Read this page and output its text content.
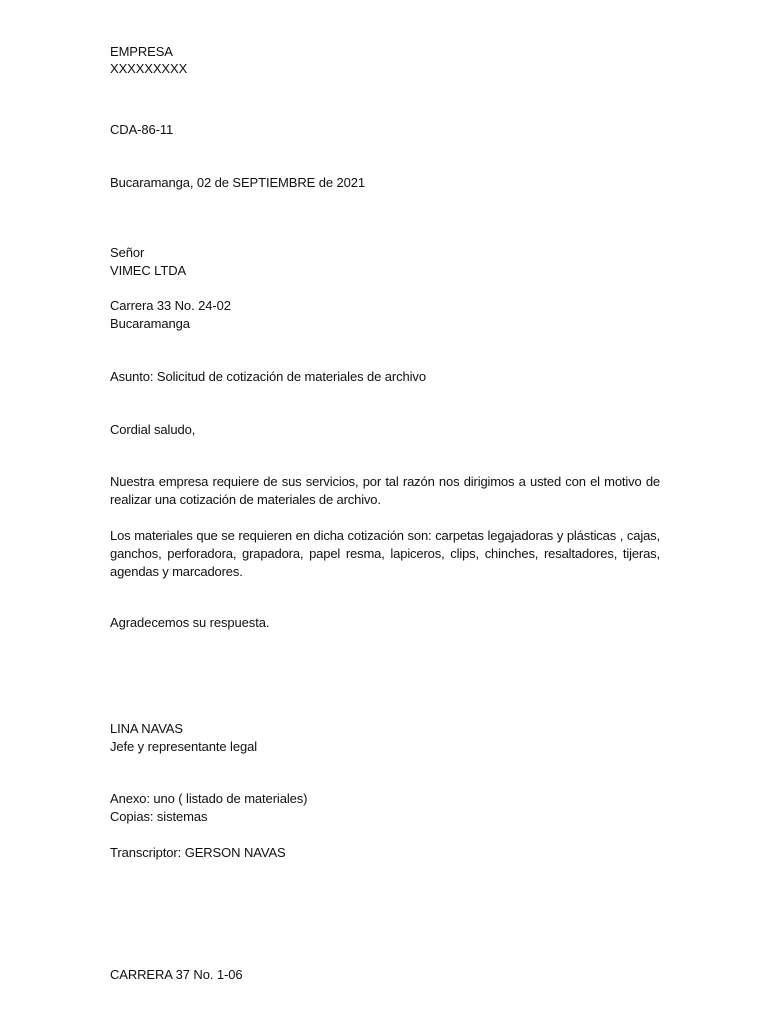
EMPRESA
XXXXXXXXX
CDA-86-11
Bucaramanga, 02 de SEPTIEMBRE de 2021
Señor
VIMEC LTDA
Carrera 33 No. 24-02
Bucaramanga
Asunto: Solicitud de cotización de materiales de archivo
Cordial saludo,
Nuestra empresa requiere de sus servicios, por tal razón nos dirigimos a usted con el motivo de realizar una cotización de materiales de archivo.
Los materiales que se requieren en dicha cotización son: carpetas legajadoras y plásticas , cajas, ganchos, perforadora, grapadora, papel resma, lapiceros, clips, chinches, resaltadores, tijeras, agendas y marcadores.
Agradecemos su respuesta.
LINA NAVAS
Jefe y representante legal
Anexo: uno ( listado de materiales)
Copias: sistemas
Transcriptor: GERSON NAVAS
CARRERA 37 No. 1-06
